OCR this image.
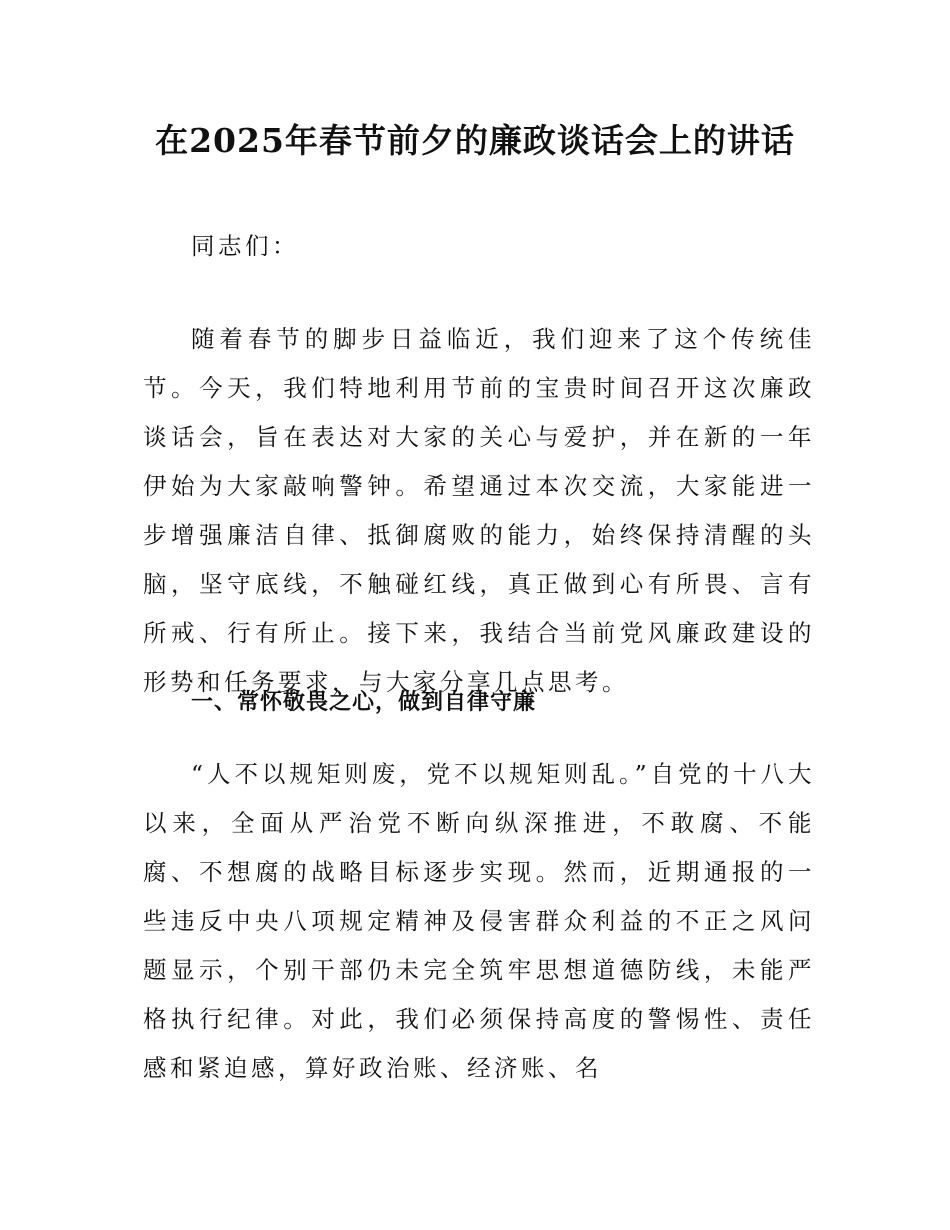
在2025年春节前夕的廉政谈话会上的讲话

同志们：

随着春节的脚步日益临近，我们迎来了这个传统佳节。今天，我们特地利用节前的宝贵时间召开这次廉政谈话会，旨在表达对大家的关心与爱护，并在新的一年伊始为大家敲响警钟。希望通过本次交流，大家能进一步增强廉洁自律、抵御腐败的能力，始终保持清醒的头脑，坚守底线，不触碰红线，真正做到心有所畏、言有所戒、行有所止。接下来，我结合当前党风廉政建设的形势和任务要求，与大家分享几点思考。

一、常怀敬畏之心，做到自律守廉

“人不以规矩则废，党不以规矩则乱。”自党的十八大以来，全面从严治党不断向纵深推进，不敢腐、不能腐、不想腐的战略目标逐步实现。然而，近期通报的一些违反中央八项规定精神及侵害群众利益的不正之风问题显示，个别干部仍未完全筑牢思想道德防线，未能严格执行纪律。对此，我们必须保持高度的警惕性、责任感和紧迫感，算好政治账、经济账、名
